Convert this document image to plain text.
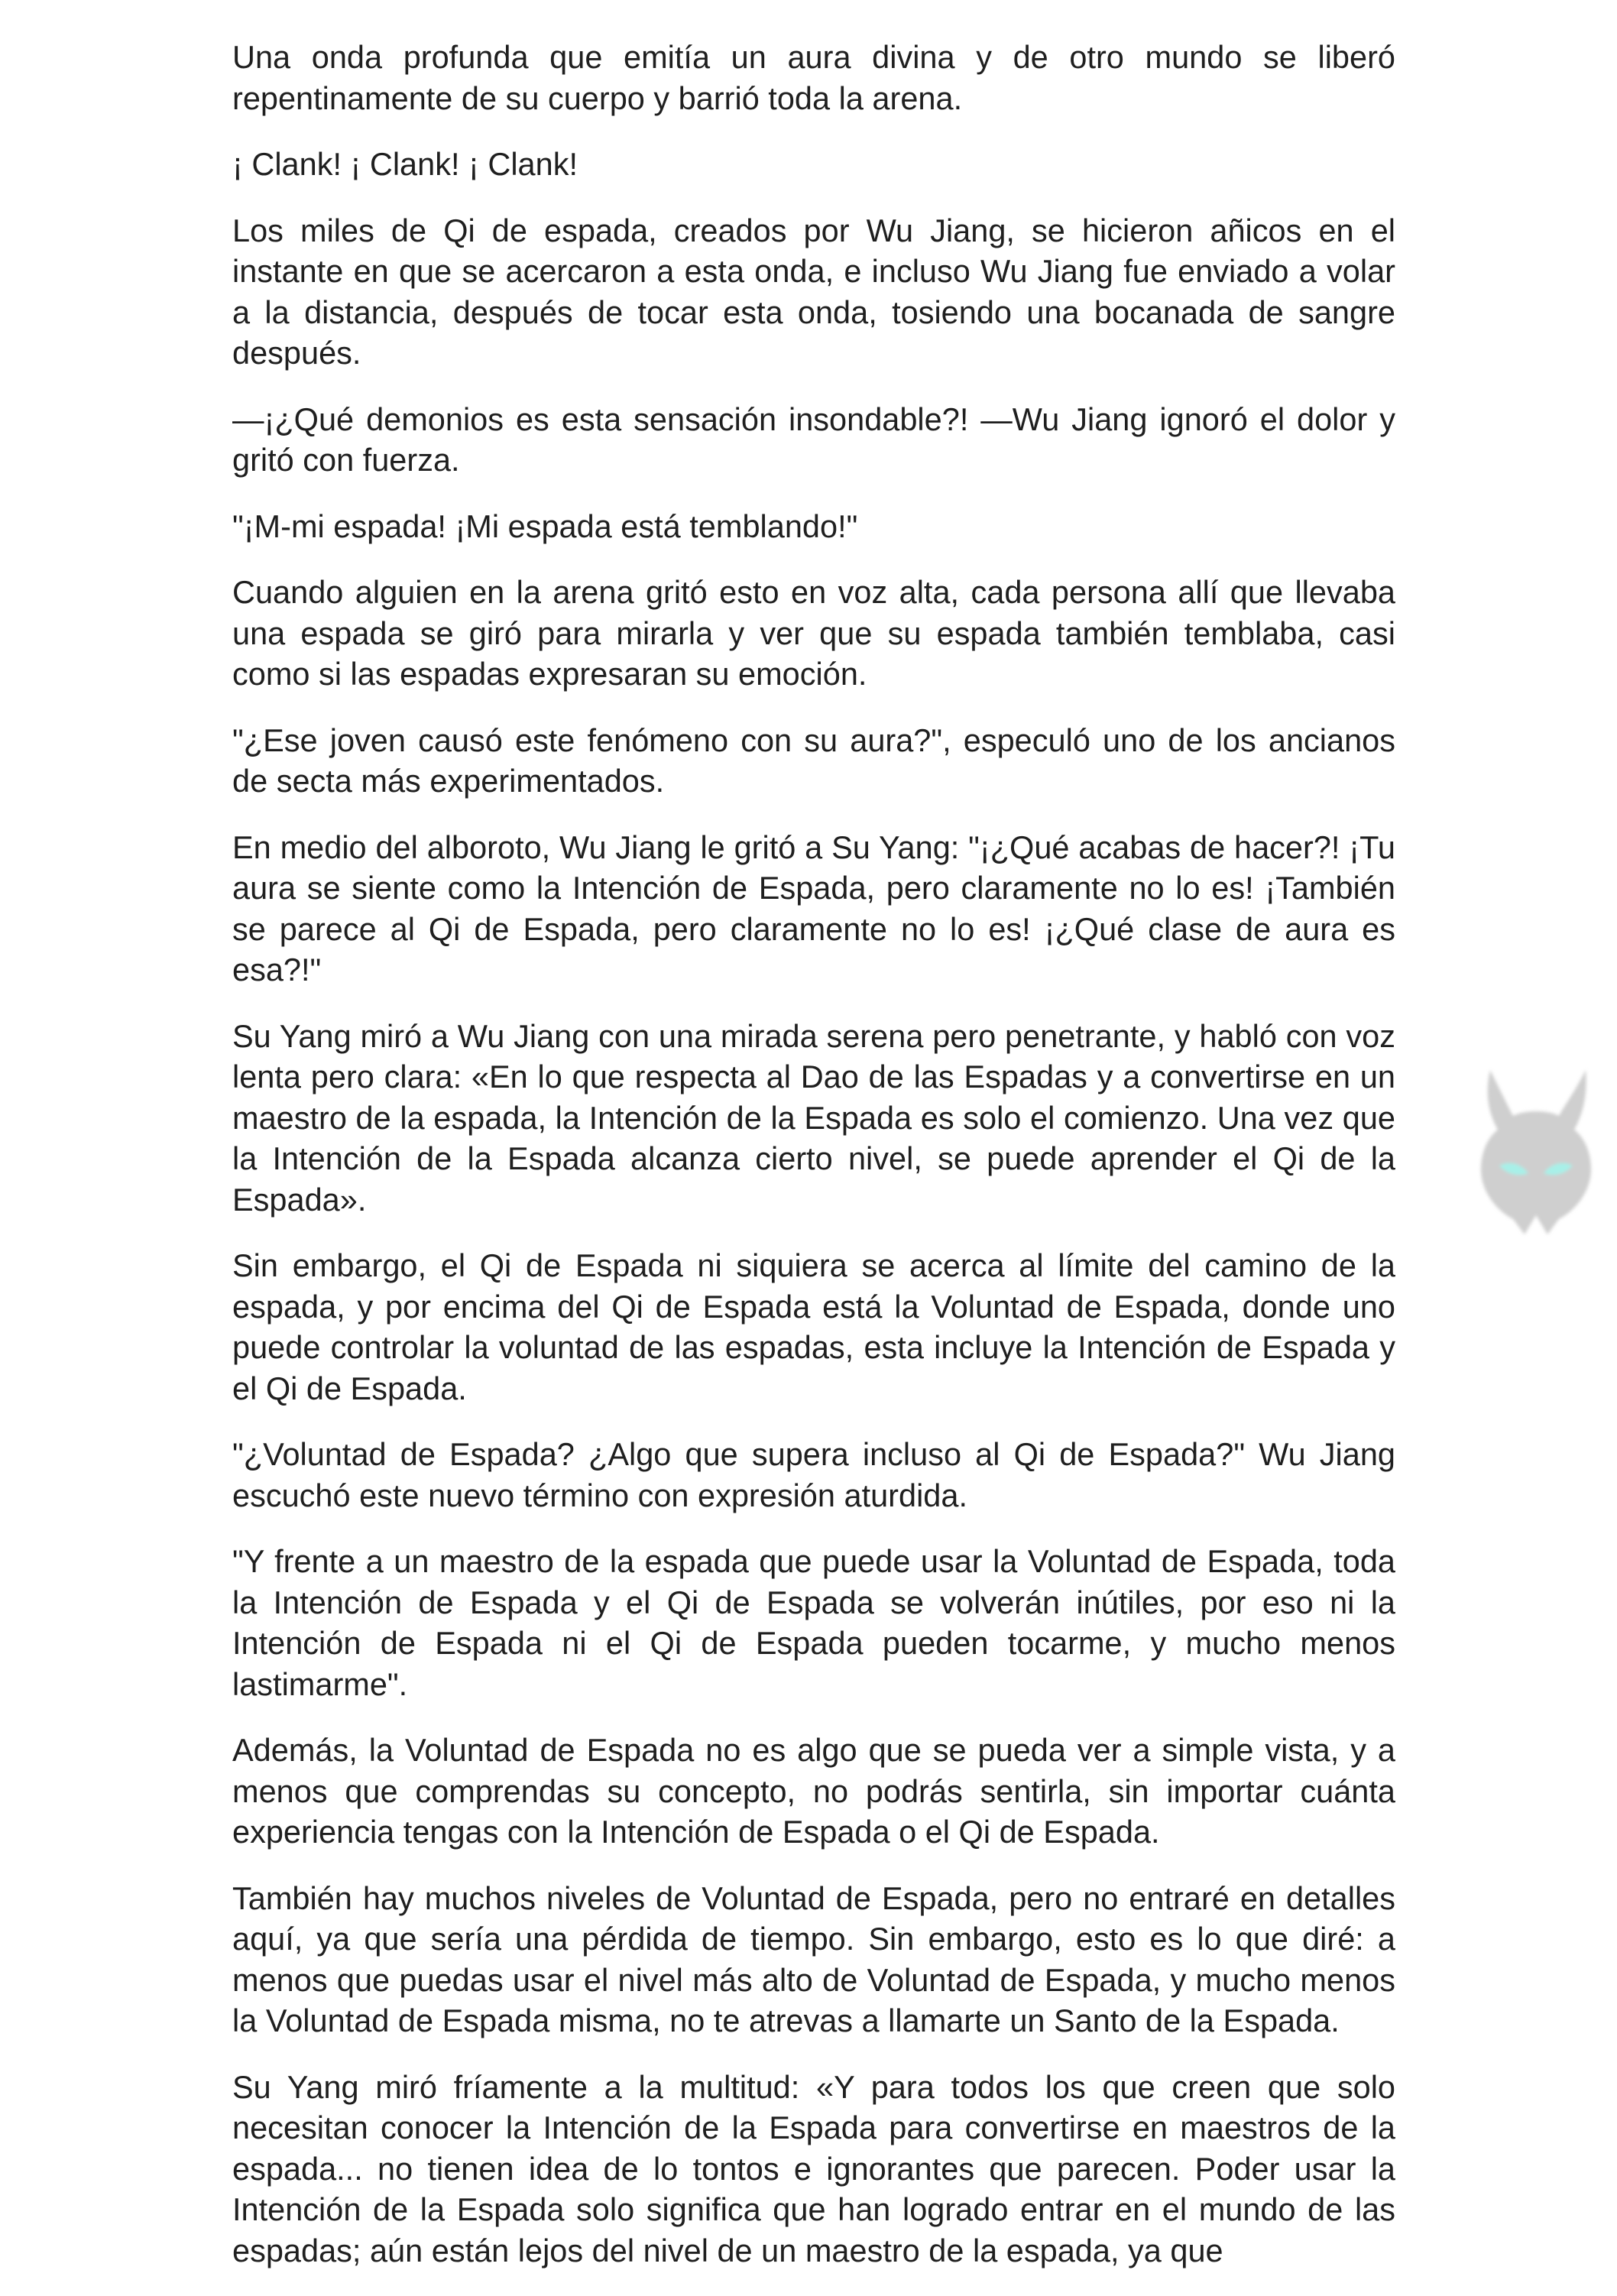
Una onda profunda que emitía un aura divina y de otro mundo se liberó repentinamente de su cuerpo y barrió toda la arena.

¡ Clank! ¡ Clank! ¡ Clank!

Los miles de Qi de espada, creados por Wu Jiang, se hicieron añicos en el instante en que se acercaron a esta onda, e incluso Wu Jiang fue enviado a volar a la distancia, después de tocar esta onda, tosiendo una bocanada de sangre después.

—¡¿Qué demonios es esta sensación insondable?! —Wu Jiang ignoró el dolor y gritó con fuerza.

"¡M-mi espada! ¡Mi espada está temblando!"

Cuando alguien en la arena gritó esto en voz alta, cada persona allí que llevaba una espada se giró para mirarla y ver que su espada también temblaba, casi como si las espadas expresaran su emoción.

"¿Ese joven causó este fenómeno con su aura?", especuló uno de los ancianos de secta más experimentados.

En medio del alboroto, Wu Jiang le gritó a Su Yang: "¡¿Qué acabas de hacer?! ¡Tu aura se siente como la Intención de Espada, pero claramente no lo es! ¡También se parece al Qi de Espada, pero claramente no lo es! ¡¿Qué clase de aura es esa?!"

Su Yang miró a Wu Jiang con una mirada serena pero penetrante, y habló con voz lenta pero clara: «En lo que respecta al Dao de las Espadas y a convertirse en un maestro de la espada, la Intención de la Espada es solo el comienzo. Una vez que la Intención de la Espada alcanza cierto nivel, se puede aprender el Qi de la Espada».

Sin embargo, el Qi de Espada ni siquiera se acerca al límite del camino de la espada, y por encima del Qi de Espada está la Voluntad de Espada, donde uno puede controlar la voluntad de las espadas, esta incluye la Intención de Espada y el Qi de Espada.

"¿Voluntad de Espada? ¿Algo que supera incluso al Qi de Espada?" Wu Jiang escuchó este nuevo término con expresión aturdida.

"Y frente a un maestro de la espada que puede usar la Voluntad de Espada, toda la Intención de Espada y el Qi de Espada se volverán inútiles, por eso ni la Intención de Espada ni el Qi de Espada pueden tocarme, y mucho menos lastimarme".

Además, la Voluntad de Espada no es algo que se pueda ver a simple vista, y a menos que comprendas su concepto, no podrás sentirla, sin importar cuánta experiencia tengas con la Intención de Espada o el Qi de Espada.

También hay muchos niveles de Voluntad de Espada, pero no entraré en detalles aquí, ya que sería una pérdida de tiempo. Sin embargo, esto es lo que diré: a menos que puedas usar el nivel más alto de Voluntad de Espada, y mucho menos la Voluntad de Espada misma, no te atrevas a llamarte un Santo de la Espada.

Su Yang miró fríamente a la multitud: «Y para todos los que creen que solo necesitan conocer la Intención de la Espada para convertirse en maestros de la espada... no tienen idea de lo tontos e ignorantes que parecen. Poder usar la Intención de la Espada solo significa que han logrado entrar en el mundo de las espadas; aún están lejos del nivel de un maestro de la espada, ya que
